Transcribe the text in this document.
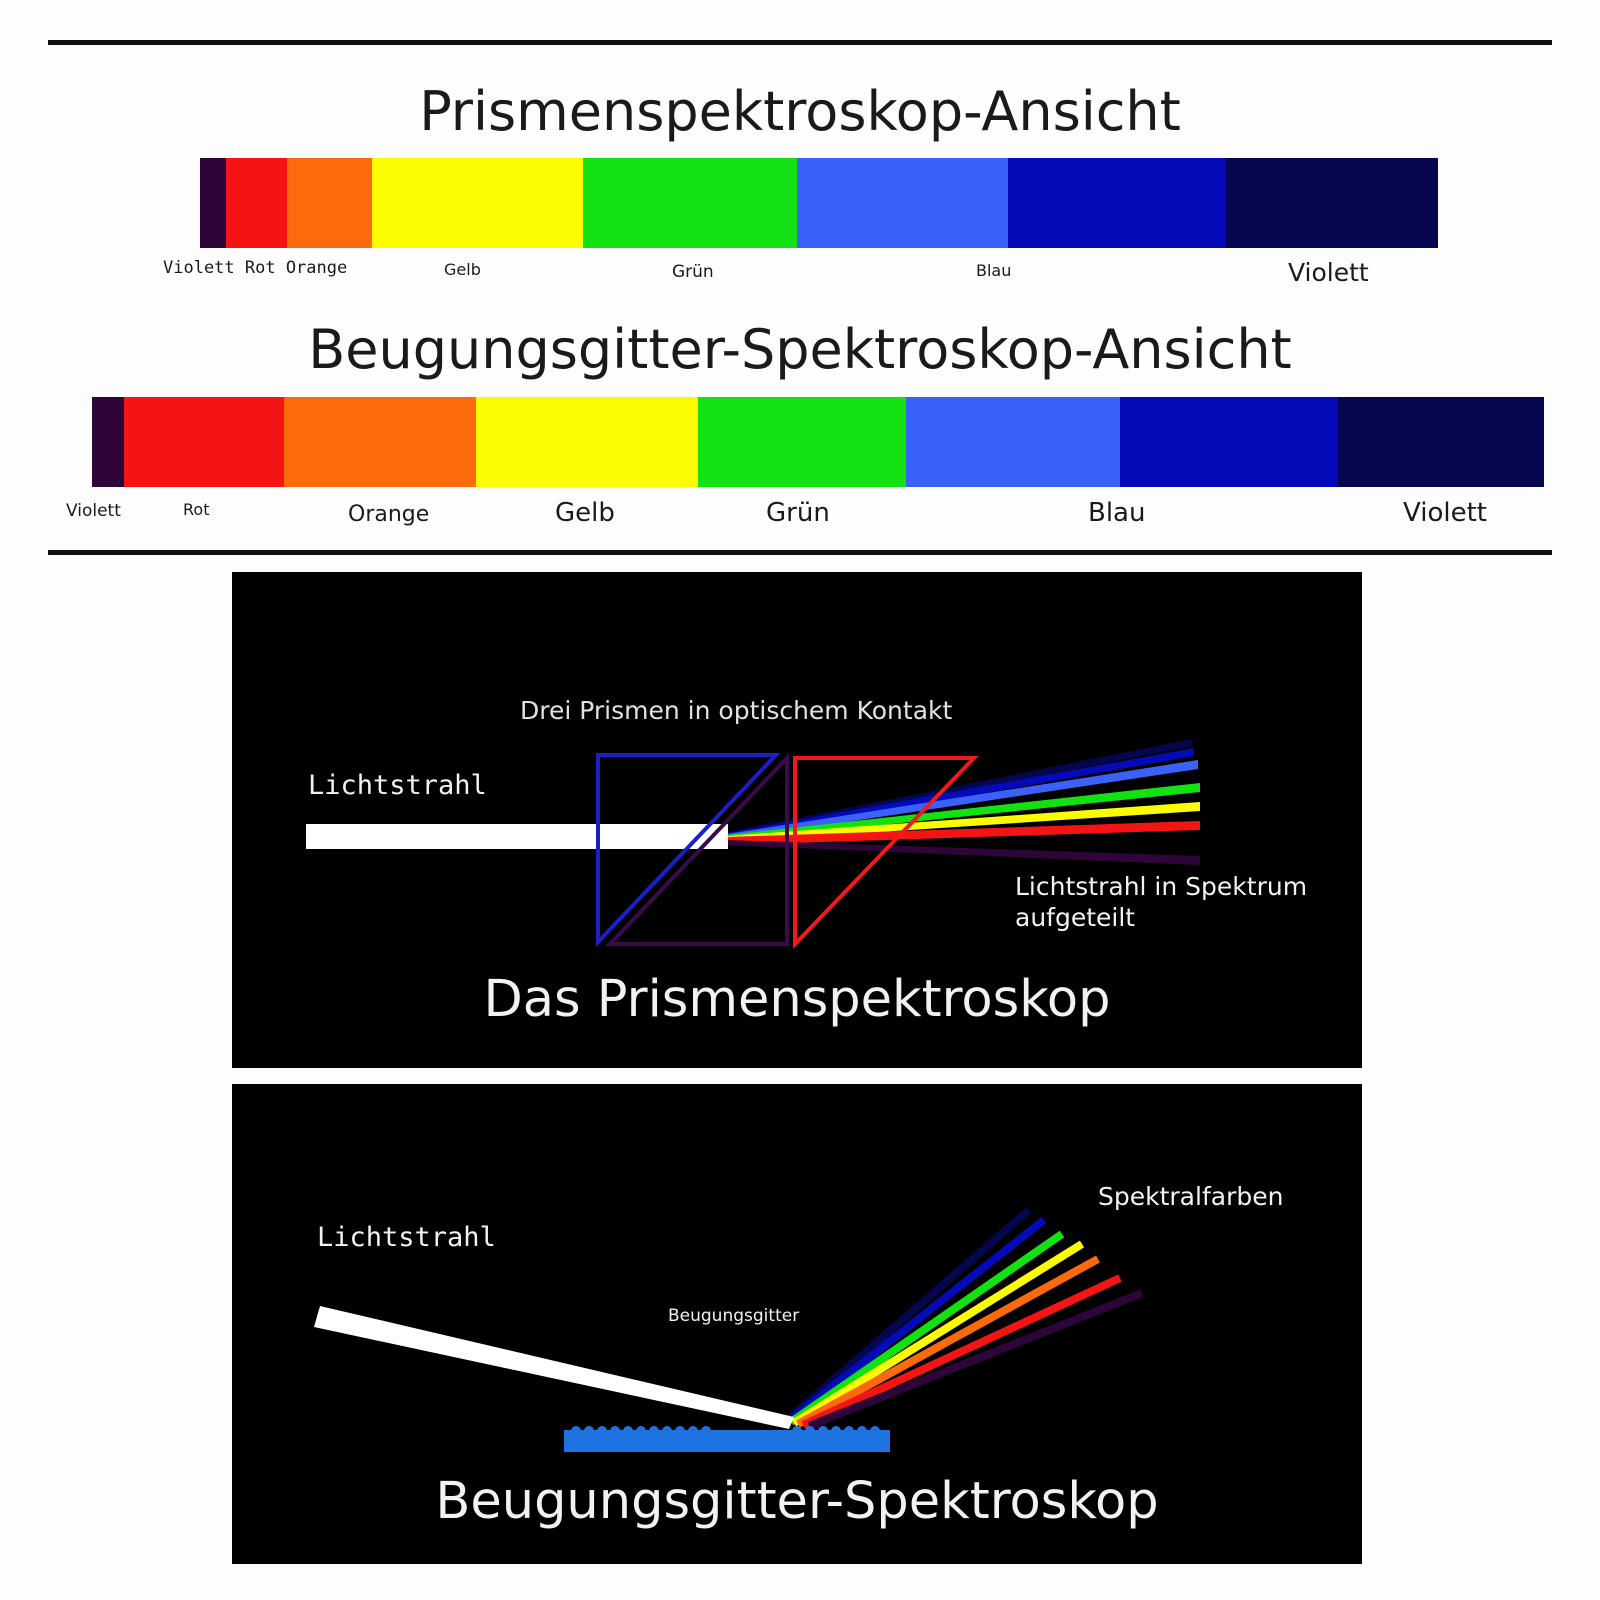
Prismenspektroskop-Ansicht
Violett Rot Orange	Gelb	Grün	Blau	Violett
Beugungsgitter-Spektroskop-Ansicht
Violett	Rot	Orange	Gelb	Grün	Blau	Violett
Drei Prismen in optischem Kontakt
Lichtstrahl
Lichtstrahl in Spektrum
aufgeteilt
Das Prismenspektroskop
Spektralfarben
Lichtstrahl
Beugungsgitter
Beugungsgitter-Spektroskop
